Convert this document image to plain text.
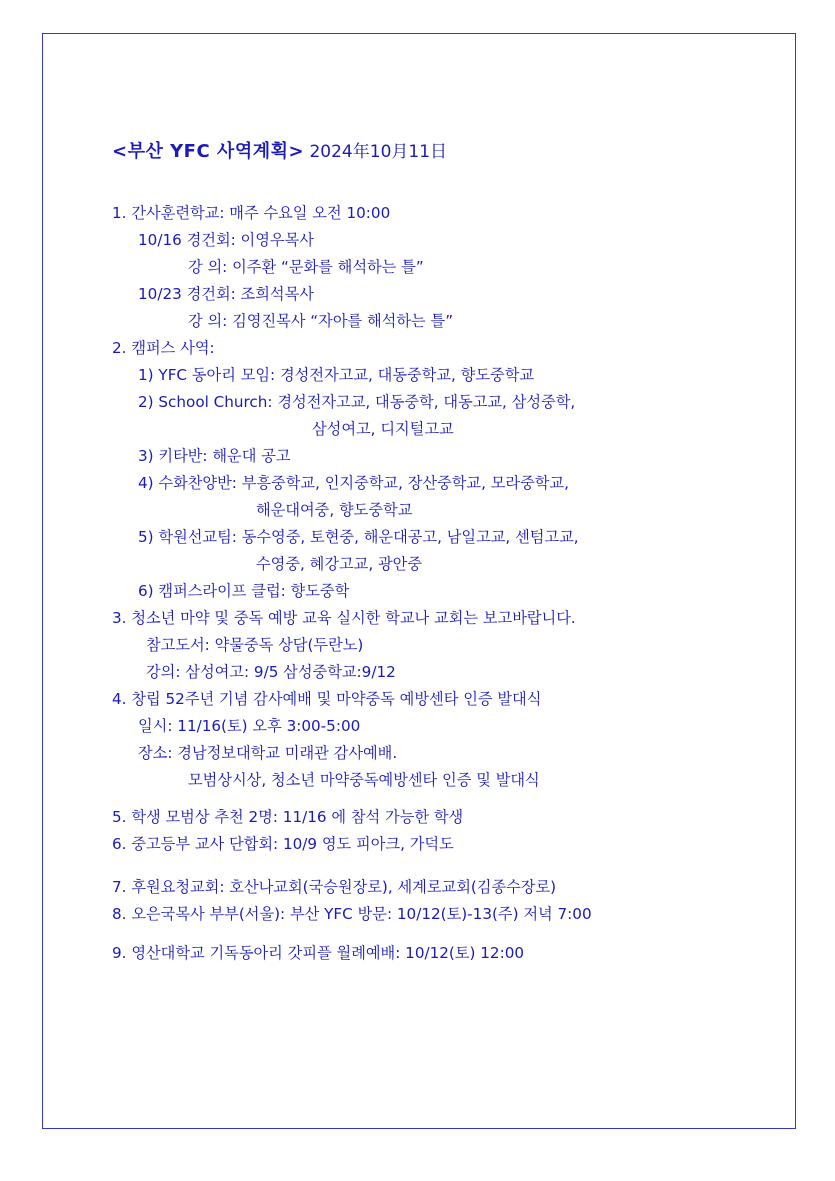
<부산 YFC 사역계획> 2024年10月11日
1. 간사훈련학교: 매주 수요일 오전 10:00
10/16 경건회: 이영우목사
강 의: 이주환 “문화를 해석하는 틀”
10/23 경건회: 조희석목사
강 의: 김영진목사 “자아를 해석하는 틀”
2. 캠퍼스 사역:
1) YFC 동아리 모임: 경성전자고교, 대동중학교, 향도중학교
2) School Church: 경성전자고교, 대동중학, 대동고교, 삼성중학,
삼성여고, 디지털고교
3) 키타반: 해운대 공고
4) 수화찬양반: 부흥중학교, 인지중학교, 장산중학교, 모라중학교,
해운대여중, 향도중학교
5) 학원선교팀: 동수영중, 토현중, 해운대공고, 남일고교, 센텀고교,
수영중, 혜강고교, 광안중
6) 캠퍼스라이프 클럽: 향도중학
3. 청소년 마약 및 중독 예방 교육 실시한 학교나 교회는 보고바랍니다.
참고도서: 약물중독 상담(두란노)
강의: 삼성여고: 9/5 삼성중학교:9/12
4. 창립 52주년 기념 감사예배 및 마약중독 예방센타 인증 발대식
일시: 11/16(토) 오후 3:00-5:00
장소: 경남정보대학교 미래관 감사예배.
모범상시상, 청소년 마약중독예방센타 인증 및 발대식
5. 학생 모범상 추천 2명: 11/16 에 참석 가능한 학생
6. 중고등부 교사 단합회: 10/9 영도 피아크, 가덕도
7. 후원요청교회: 호산나교회(국승원장로), 세계로교회(김종수장로)
8. 오은국목사 부부(서울): 부산 YFC 방문: 10/12(토)-13(주) 저녁 7:00
9. 영산대학교 기독동아리 갓피플 월례예배: 10/12(토) 12:00
